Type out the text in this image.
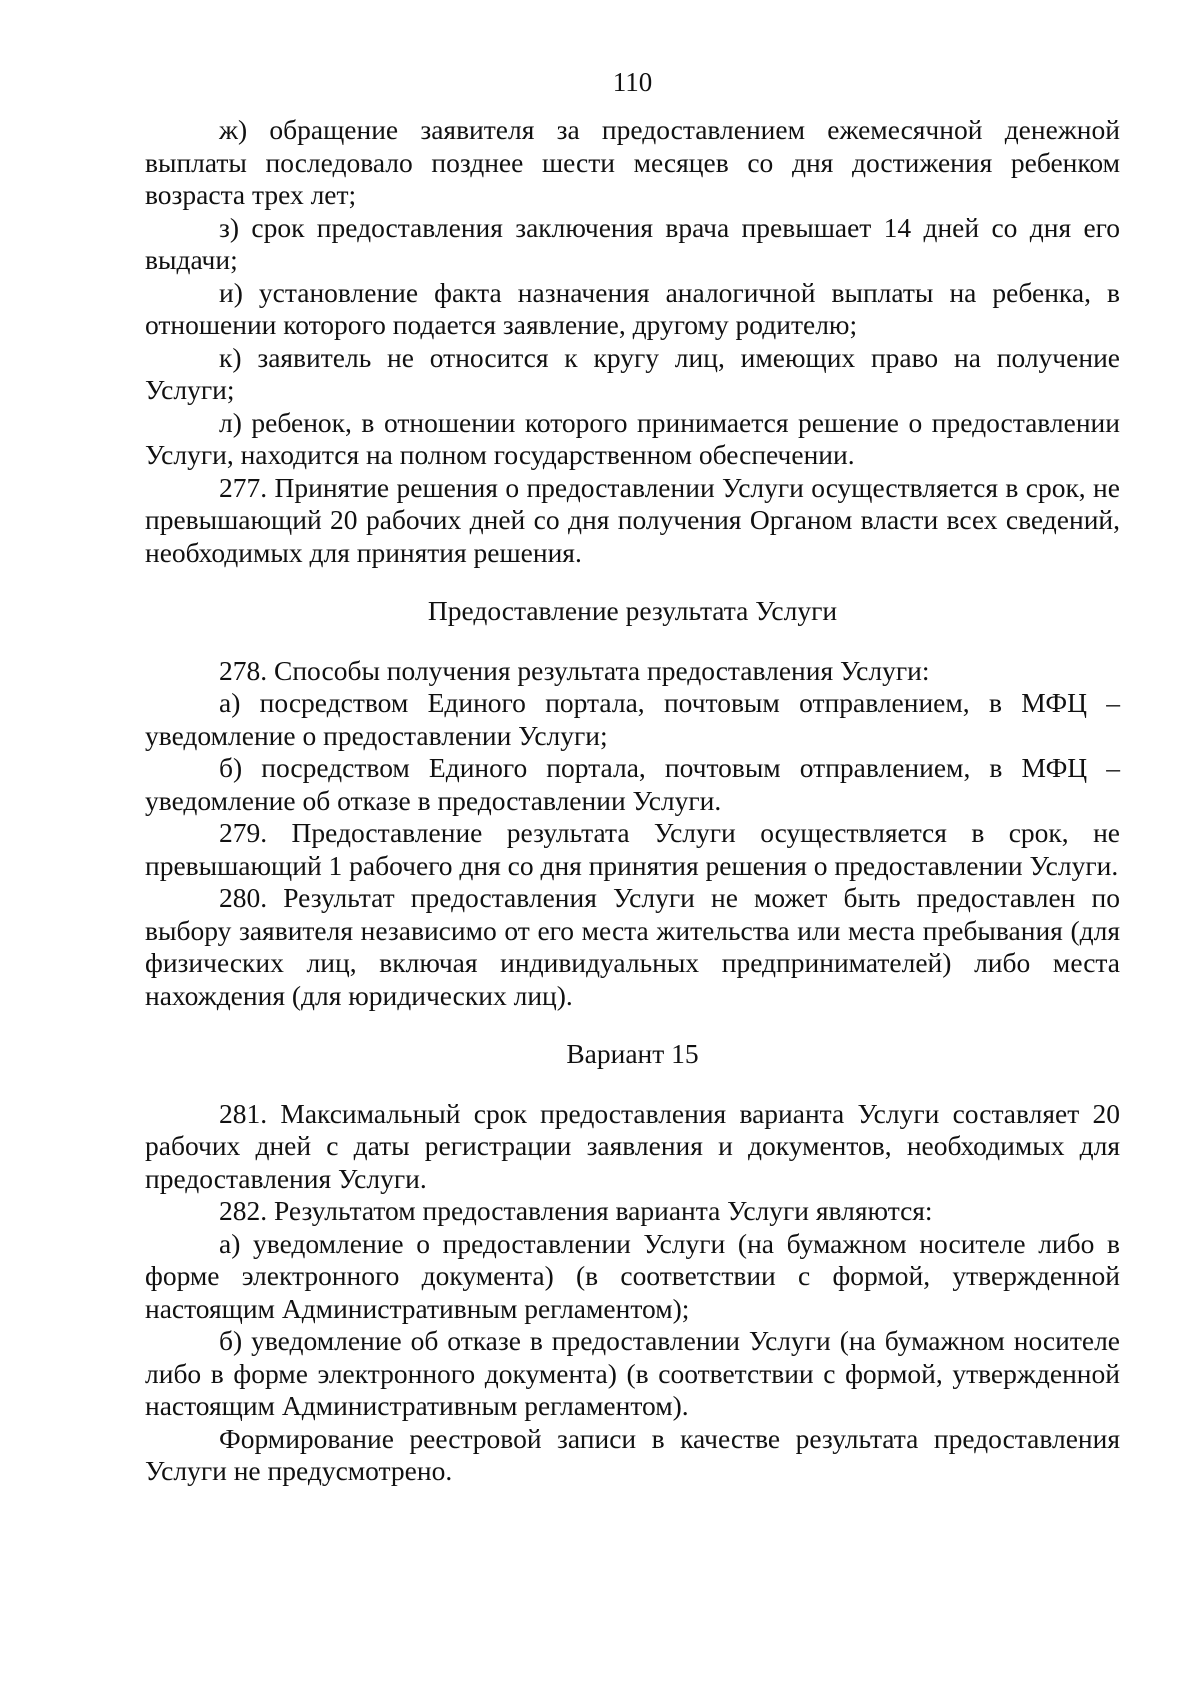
110

ж) обращение заявителя за предоставлением ежемесячной денежной выплаты последовало позднее шести месяцев со дня достижения ребенком возраста трех лет;

з) срок предоставления заключения врача превышает 14 дней со дня его выдачи;

и) установление факта назначения аналогичной выплаты на ребенка, в отношении которого подается заявление, другому родителю;

к) заявитель не относится к кругу лиц, имеющих право на получение Услуги;

л) ребенок, в отношении которого принимается решение о предоставлении Услуги, находится на полном государственном обеспечении.

277. Принятие решения о предоставлении Услуги осуществляется в срок, не превышающий 20 рабочих дней со дня получения Органом власти всех сведений, необходимых для принятия решения.

Предоставление результата Услуги

278. Способы получения результата предоставления Услуги:

а) посредством Единого портала, почтовым отправлением, в МФЦ – уведомление о предоставлении Услуги;

б) посредством Единого портала, почтовым отправлением, в МФЦ – уведомление об отказе в предоставлении Услуги.

279. Предоставление результата Услуги осуществляется в срок, не превышающий 1 рабочего дня со дня принятия решения о предоставлении Услуги.

280. Результат предоставления Услуги не может быть предоставлен по выбору заявителя независимо от его места жительства или места пребывания (для физических лиц, включая индивидуальных предпринимателей) либо места нахождения (для юридических лиц).

Вариант 15

281. Максимальный срок предоставления варианта Услуги составляет 20 рабочих дней с даты регистрации заявления и документов, необходимых для предоставления Услуги.

282. Результатом предоставления варианта Услуги являются:

а) уведомление о предоставлении Услуги (на бумажном носителе либо в форме электронного документа) (в соответствии с формой, утвержденной настоящим Административным регламентом);

б) уведомление об отказе в предоставлении Услуги (на бумажном носителе либо в форме электронного документа) (в соответствии с формой, утвержденной настоящим Административным регламентом).

Формирование реестровой записи в качестве результата предоставления Услуги не предусмотрено.
